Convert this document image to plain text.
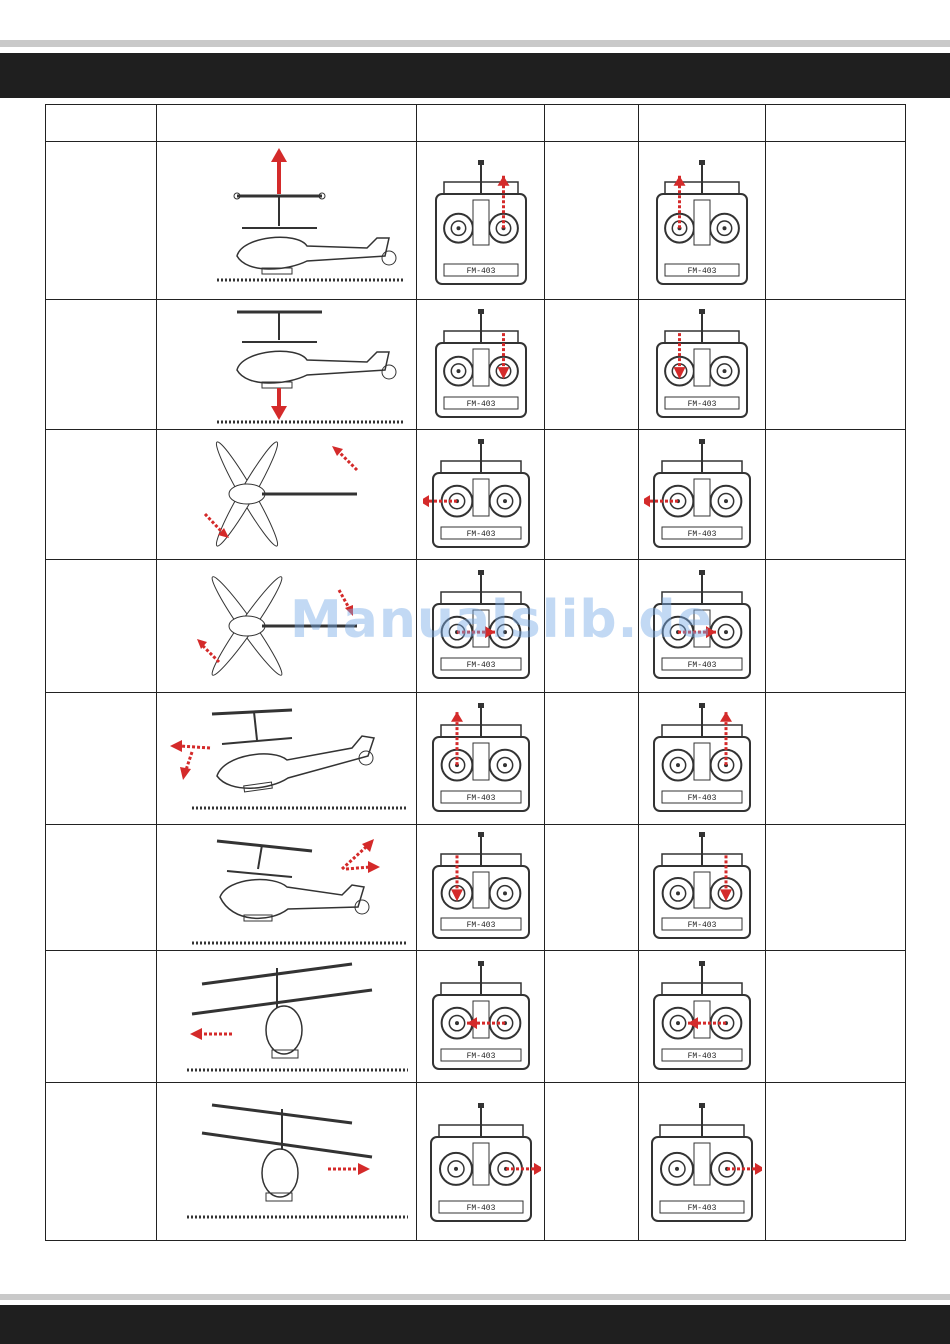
FM-403		FM-403	

FM-403		FM-403	

FM-403		FM-403	

FM-403		FM-403	

FM-403		FM-403	

FM-403		FM-403	

FM-403		FM-403	

FM-403		FM-403	

Manualslib.de
